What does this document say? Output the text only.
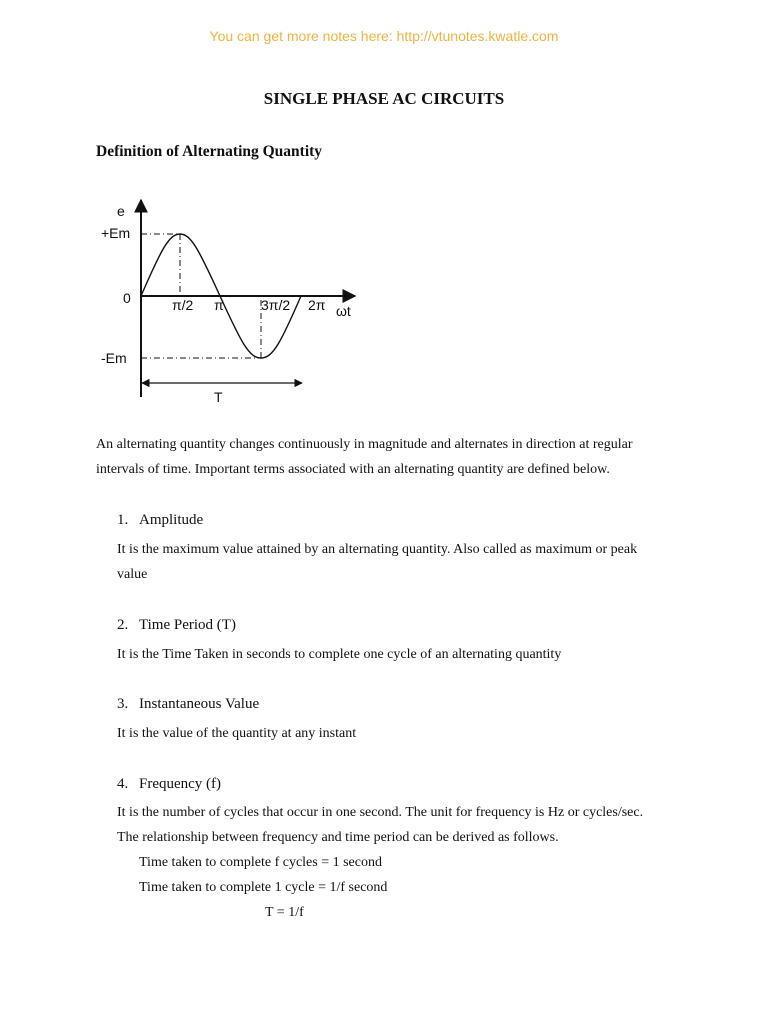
You can get more notes here: http://vtunotes.kwatle.com
SINGLE PHASE AC CIRCUITS
Definition of Alternating Quantity
e
+Em
0
-Em
π/2 π	3π/2 2π ωt
T
An alternating quantity changes continuously in magnitude and alternates in direction at regular
intervals of time. Important terms associated with an alternating quantity are defined below.
1. Amplitude
It is the maximum value attained by an alternating quantity. Also called as maximum or peak
value
2. Time Period (T)
It is the Time Taken in seconds to complete one cycle of an alternating quantity
3. Instantaneous Value
It is the value of the quantity at any instant
4. Frequency (f)
It is the number of cycles that occur in one second. The unit for frequency is Hz or cycles/sec.
The relationship between frequency and time period can be derived as follows.
Time taken to complete f cycles = 1 second
Time taken to complete 1 cycle = 1/f second
T = 1/f
